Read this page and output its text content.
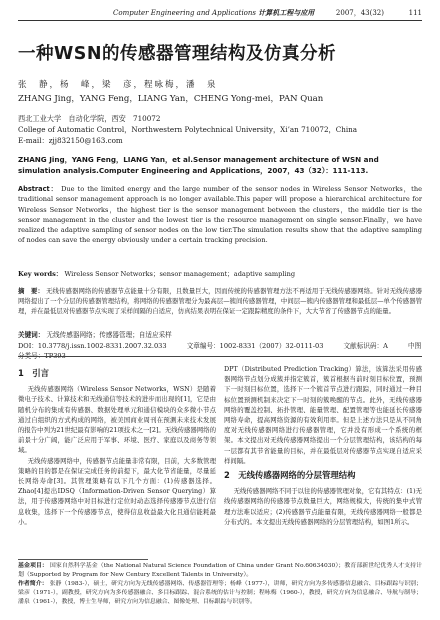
Computer Engineering and Applications 计算机工程与应用	2007，43(32)	111
一种WSN的传感器管理结构及仿真分析
张　静，杨　峰，梁　彦，程咏梅，潘　泉
ZHANG Jing，YANG Feng，LIANG Yan，CHENG Yong-mei，PAN Quan
西北工业大学　自动化学院，西安　710072
College of Automatic Control，Northwestern Polytechnical University，Xi’an 710072，China
E-mail：zjj832150@163.com
ZHANG Jing，YANG Feng，LIANG Yan，et al.Sensor management architecture of WSN and simulation analysis.Computer Engineering and Applications，2007，43（32）：111-113.
Abstract： Due to the limited energy and the large number of the sensor nodes in Wireless Sensor Networks，the traditional sensor management approach is no longer available.This paper will propose a hierarchical architecture for Wireless Sensor Networks，the highest tier is the sensor management between the clusters，the middle tier is the sensor management in the cluster and the lowest tier is the resource management on single sensor.Finally，we have realized the adaptive sampling of sensor nodes on the low tier.The simulation results show that the adaptive sampling of nodes can save the energy obviously under a certain tracking precision.
Key words： Wireless Sensor Networks；sensor management；adaptive sampling
摘　要： 无线传感器网络的传感器节点能量十分有限，且数量巨大，因而传统的传感器管理方法不再适用于无线传感器网络。针对无线传感器网络提出了一个分层的传感器管理结构，将网络的传感器管理分为最高层—簇间传感器管理，中间层—簇内传感器管理和最低层—单个传感器管理，并在最低层对传感器节点实现了采样间隔的自适应，仿真结果表明在保证一定跟踪精度的条件下，大大节省了传感器节点的能量。
关键词： 无线传感器网络；传感器管理；自适应采样
DOI：10.3778/j.issn.1002-8331.2007.32.033	文章编号：1002-8331（2007）32-0111-03	文献标识码：A	中图分类号：TP393
1　引言

无线传感器网络（Wireless Sensor Networks，WSN）是随着微电子技术、计算技术和无线通信等技术的进步而出现的[1]，它是由随机分布的集成有传感器、数据处理单元和通信模块的众多微小节点通过自组织的方式构成的网络，被美国商业周刊在预测未来技术发展的报告中列为21世纪最有影响的21项技术之一[2]。无线传感器网络的前景十分广阔，能广泛应用于军事、环境、医疗、家庭以及商务等领域。

无线传感器网络中，传感器节点能量非常有限，目前，大多数管理策略的目的都是在保证完成任务的前提下，最大化节省能量，尽量延长网络寿命[3]。其管理策略有以下几个方面：(1)传感器选择。Zhao[4]提出IDSQ（Information-Driven Sensor Querying）算法，用于传感器网络中对目标进行定位时动态选择传感器节点进行信息收集，选择下一个传感器节点，使得信息收益最大化且通信能耗最小。

DPT（Distributed Prediction Tracking）算法，该算法采用传感器网络节点划分成簇并指定簇首，簇首根据当前时刻目标位置，预测下一时刻目标位置，选择下一个簇首节点进行跟踪，同时通过一种目标位置预测机制来决定下一时刻的簇唤醒的节点。此外，无线传感器网络的覆盖控制、拓扑管理、能量管理、配置管理等也能延长传感器网络寿命，提高网络资源的有效利用率。但是上述方法只是从不同角度对无线传感器网络进行传感器管理，它并没有形成一个系统的框架。本文提出对无线传感器网络提出一个分层管理结构，该结构的每一层都有其节省能量的目标，并在最低层对传感器节点实现自适应采样间隔。

2　无线传感器网络的分层管理结构

无线传感器网络不同于以往的传感器管理对象，它有其特点：(1)无线传感器网络的传感器节点数量巨大，网络规模大，传统的集中式管理方法难以适应；(2)传感器节点能量有限，无线传感器网络一般都是分布式的。本文提出无线传感器网络的分层管理结构，如图1所示。

基金项目： 国家自然科学基金（the National Natural Science Foundation of China under Grant No.60634030）；教育部新世纪优秀人才支持计划（Supported by Program for New Century Excellent Talents in University）。
作者简介： 张静（1983-），硕士，研究方向为无线传感器网络、传感器管理等；杨峰（1977-），讲师，研究方向为多传感器信息融合、目标跟踪与识别；梁彦（1971-），副教授，研究方向为多传感器融合、多目标跟踪、混合系统的估计与控制；程咏梅（1960-），教授，研究方向为信息融合、导航与制导；潘泉（1961-），教授，博士生导师，研究方向为信息融合、图像处理、目标跟踪与识别等。
